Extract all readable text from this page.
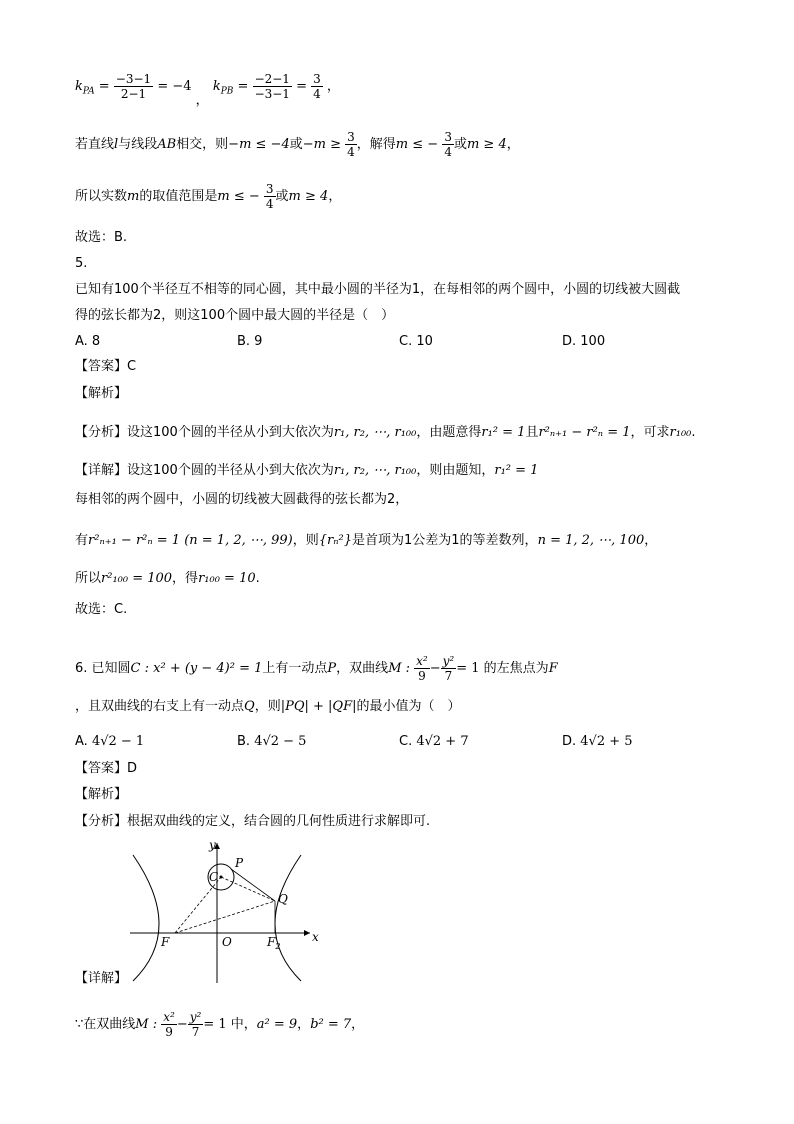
$k_{PA} = \frac{-3-1}{2-1} = -4$ ， $k_{PB} = \frac{-2-1}{-3-1} = \frac{3}{4}$ ，
若直线l与线段AB相交，则−m ≤ −4或$-m \ge \frac{3}{4}$ ，解得m ≤ − $\frac{3}{4}$ 或m ≥ 4，
所以实数m的取值范围是m ≤ − $\frac{3}{4}$ 或m ≥ 4，
故选：B.
5.
已知有100个半径互不相等的同心圆，其中最小圆的半径为1，在每相邻的两个圆中，小圆的切线被大圆截
得的弦长都为2，则这100个圆中最大圆的半径是（　）
A. 8	B. 9	C. 10	D. 100
【答案】C
【解析】
【分析】设这100个圆的半径从小到大依次为r₁, r₂, ⋯, r₁₀₀，由题意得r₁² = 1且r²ₙ₊₁ − r²ₙ = 1，可求r₁₀₀.
【详解】设这100个圆的半径从小到大依次为r₁, r₂, ⋯, r₁₀₀，则由题知，r₁² = 1
每相邻的两个圆中，小圆的切线被大圆截得的弦长都为2，
有r²ₙ₊₁ − r²ₙ = 1 (n = 1, 2, ⋯, 99)，则{rₙ²}是首项为1公差为1的等差数列，n = 1, 2, ⋯, 100，
所以r²₁₀₀ = 100，得r₁₀₀ = 10.
故选：C.
6. 已知圆C : x² + (y − 4)² = 1上有一动点P，双曲线M : $\frac{\text{x²}}{9} - \frac{\text{y²}}{7} = 1$ 的左焦点为F
，且双曲线的右支上有一动点Q，则|PQ| + |QF|的最小值为（　）
A. 4√2 − 1	B. 4√2 − 5	C. 4√2 + 7	D. 4√2 + 5
【答案】D
【解析】
【分析】根据双曲线的定义，结合圆的几何性质进行求解即可.
y
x
C
P
Q
F	O	$F_2$
【详解】
∵在双曲线M : $\frac{\text{x²}}{9} - \frac{\text{y²}}{7} = 1$ 中，a² = 9，b² = 7，
